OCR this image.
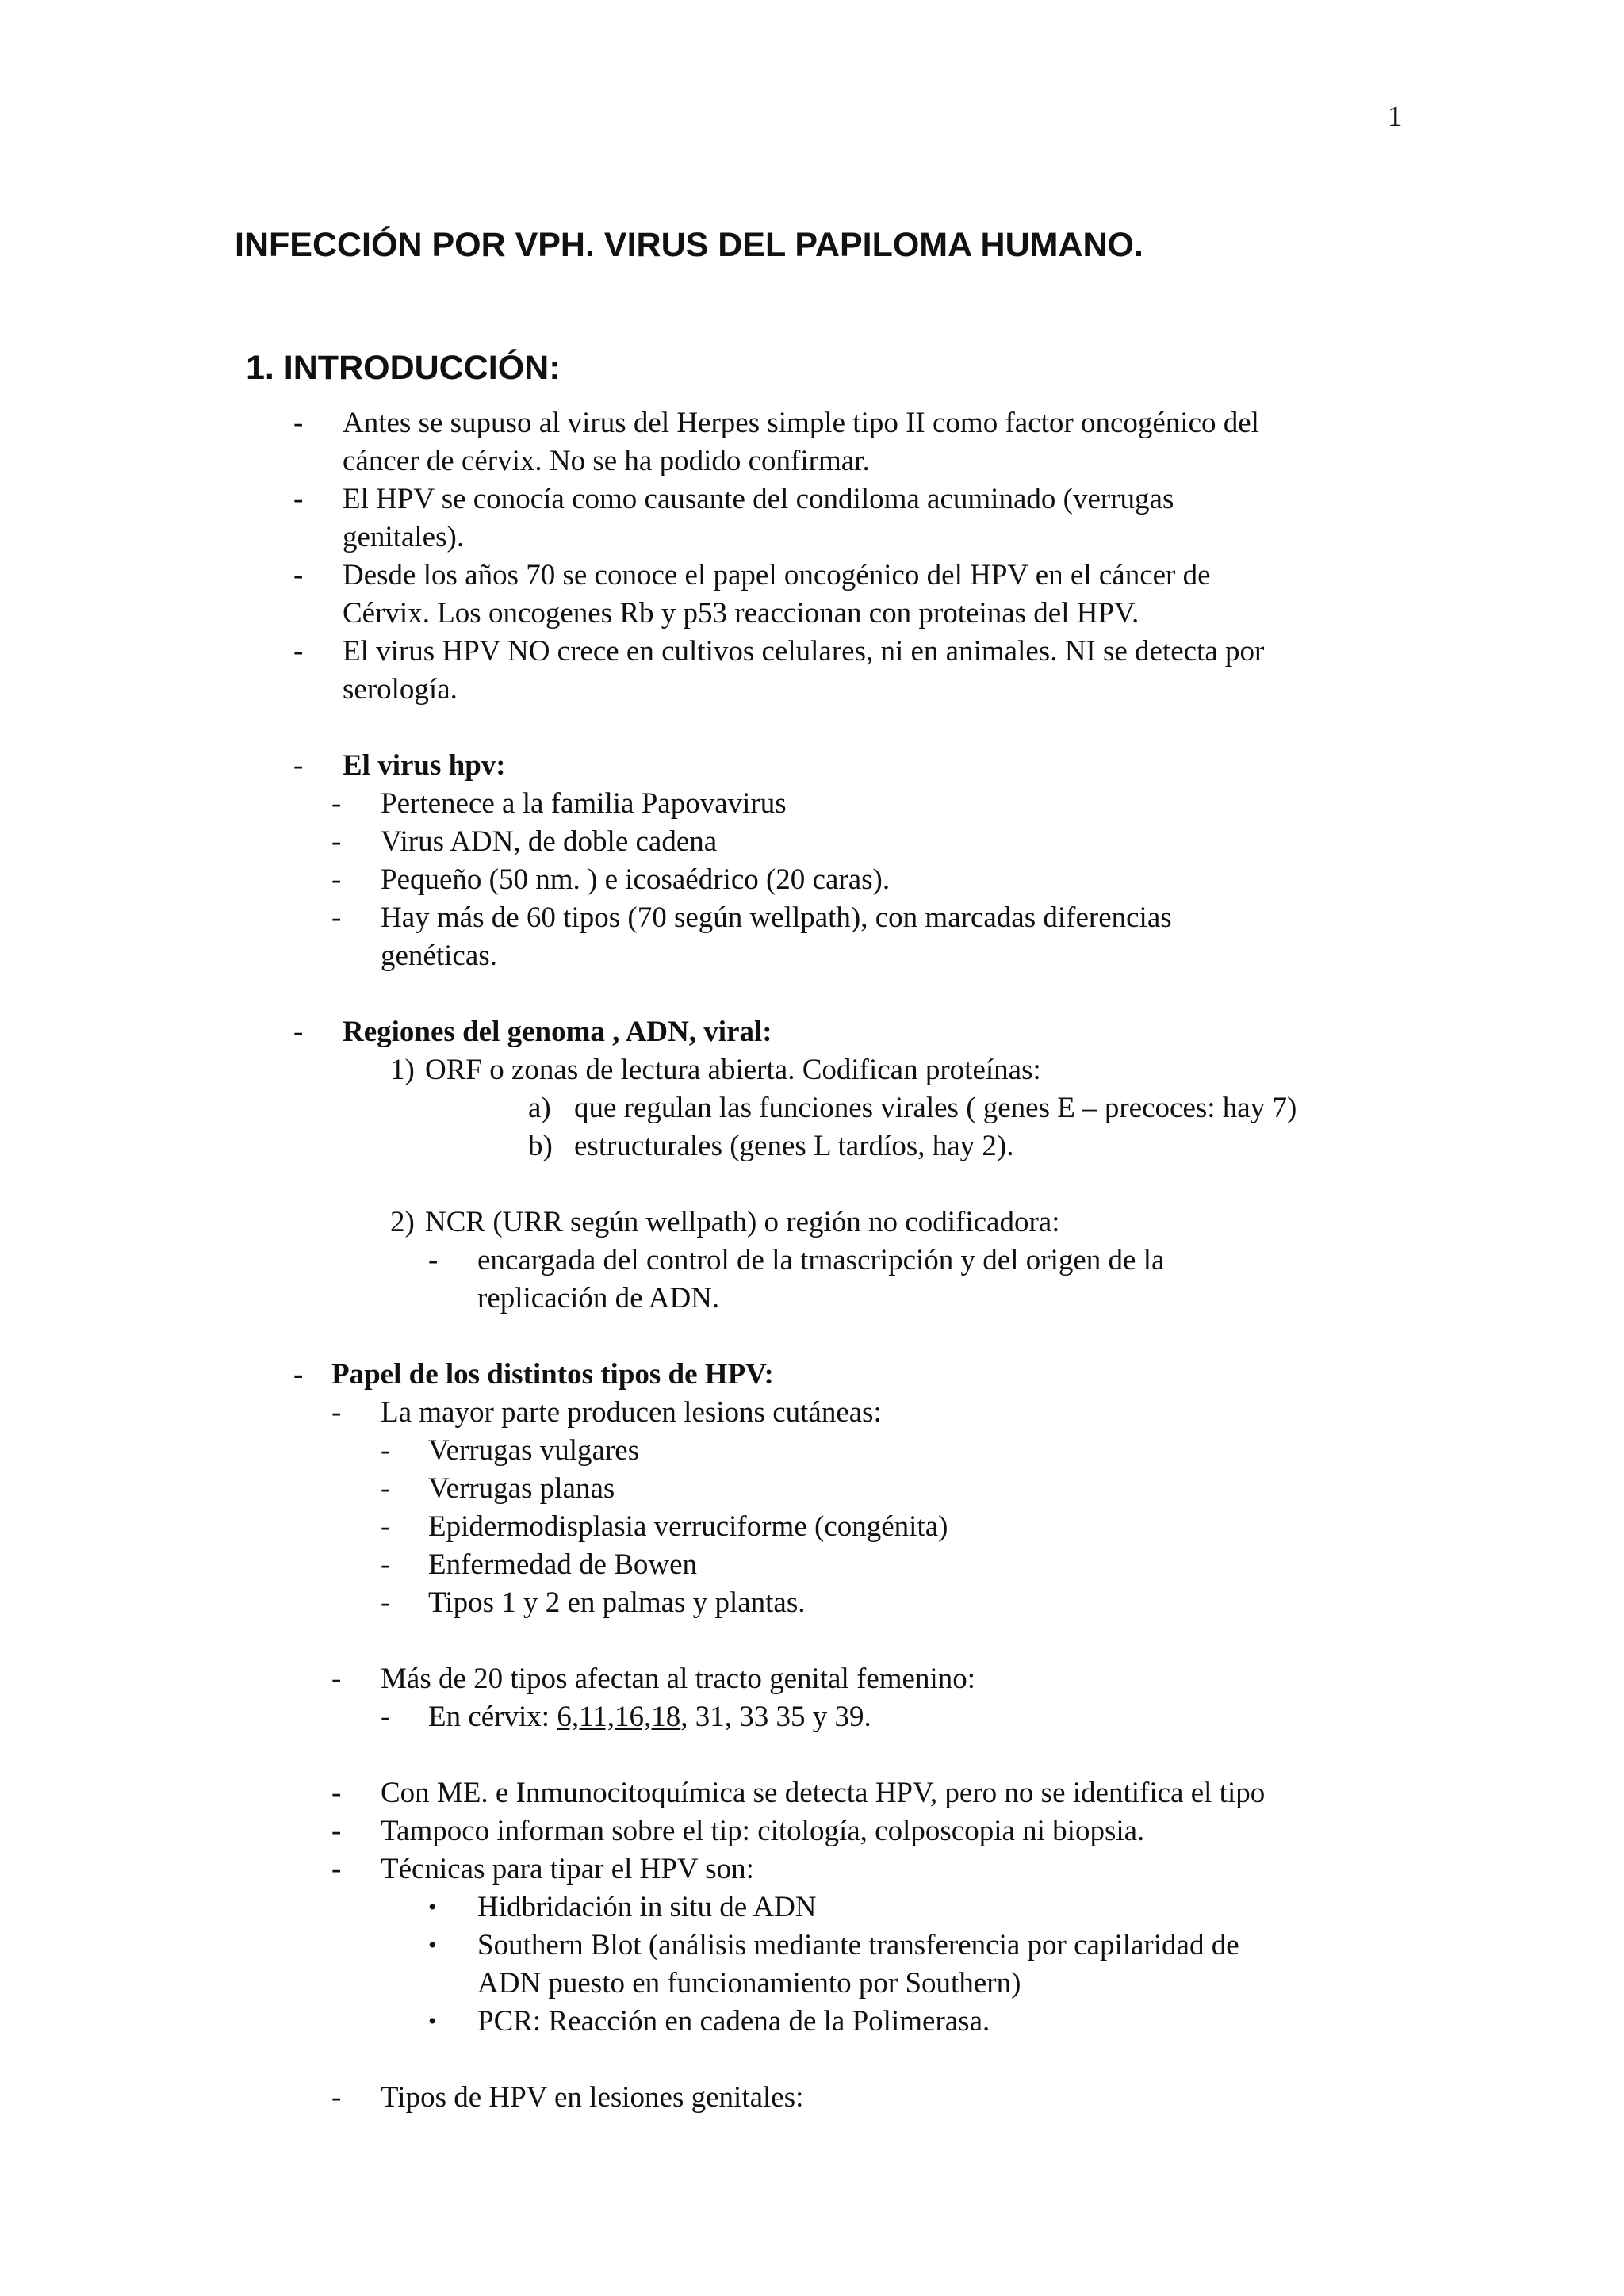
1
INFECCIÓN POR VPH. VIRUS DEL PAPILOMA HUMANO.
1. INTRODUCCIÓN:
- Antes se supuso al virus del Herpes simple tipo II como factor oncogénico del
cáncer de cérvix. No se ha podido confirmar.
- El HPV se conocía como causante del condiloma acuminado (verrugas
genitales).
- Desde los años 70 se conoce el papel oncogénico del HPV en el cáncer de
Cérvix. Los oncogenes Rb y p53 reaccionan con proteinas del HPV.
- El virus HPV NO crece en cultivos celulares, ni en animales. NI se detecta por
serología.
- El virus hpv:
- Pertenece a la familia Papovavirus
- Virus ADN, de doble cadena
- Pequeño (50 nm. ) e icosaédrico (20 caras).
- Hay más de 60 tipos (70 según wellpath), con marcadas diferencias
genéticas.
- Regiones del genoma , ADN, viral:
1) ORF o zonas de lectura abierta. Codifican proteínas:
a) que regulan las funciones virales ( genes E – precoces: hay 7)
b) estructurales (genes L tardíos, hay 2).
2) NCR (URR según wellpath) o región no codificadora:
- encargada del control de la trnascripción y del origen de la
replicación de ADN.
- Papel de los distintos tipos de HPV:
- La mayor parte producen lesions cutáneas:
- Verrugas vulgares
- Verrugas planas
- Epidermodisplasia verruciforme (congénita)
- Enfermedad de Bowen
- Tipos 1 y 2 en palmas y plantas.
- Más de 20 tipos afectan al tracto genital femenino:
- En cérvix: 6,11,16,18, 31, 33 35 y 39.
- Con ME. e Inmunocitoquímica se detecta HPV, pero no se identifica el tipo
- Tampoco informan sobre el tip: citología, colposcopia ni biopsia.
- Técnicas para tipar el HPV son:
• Hidbridación in situ de ADN
• Southern Blot (análisis mediante transferencia por capilaridad de
ADN puesto en funcionamiento por Southern)
• PCR: Reacción en cadena de la Polimerasa.
- Tipos de HPV en lesiones genitales:
